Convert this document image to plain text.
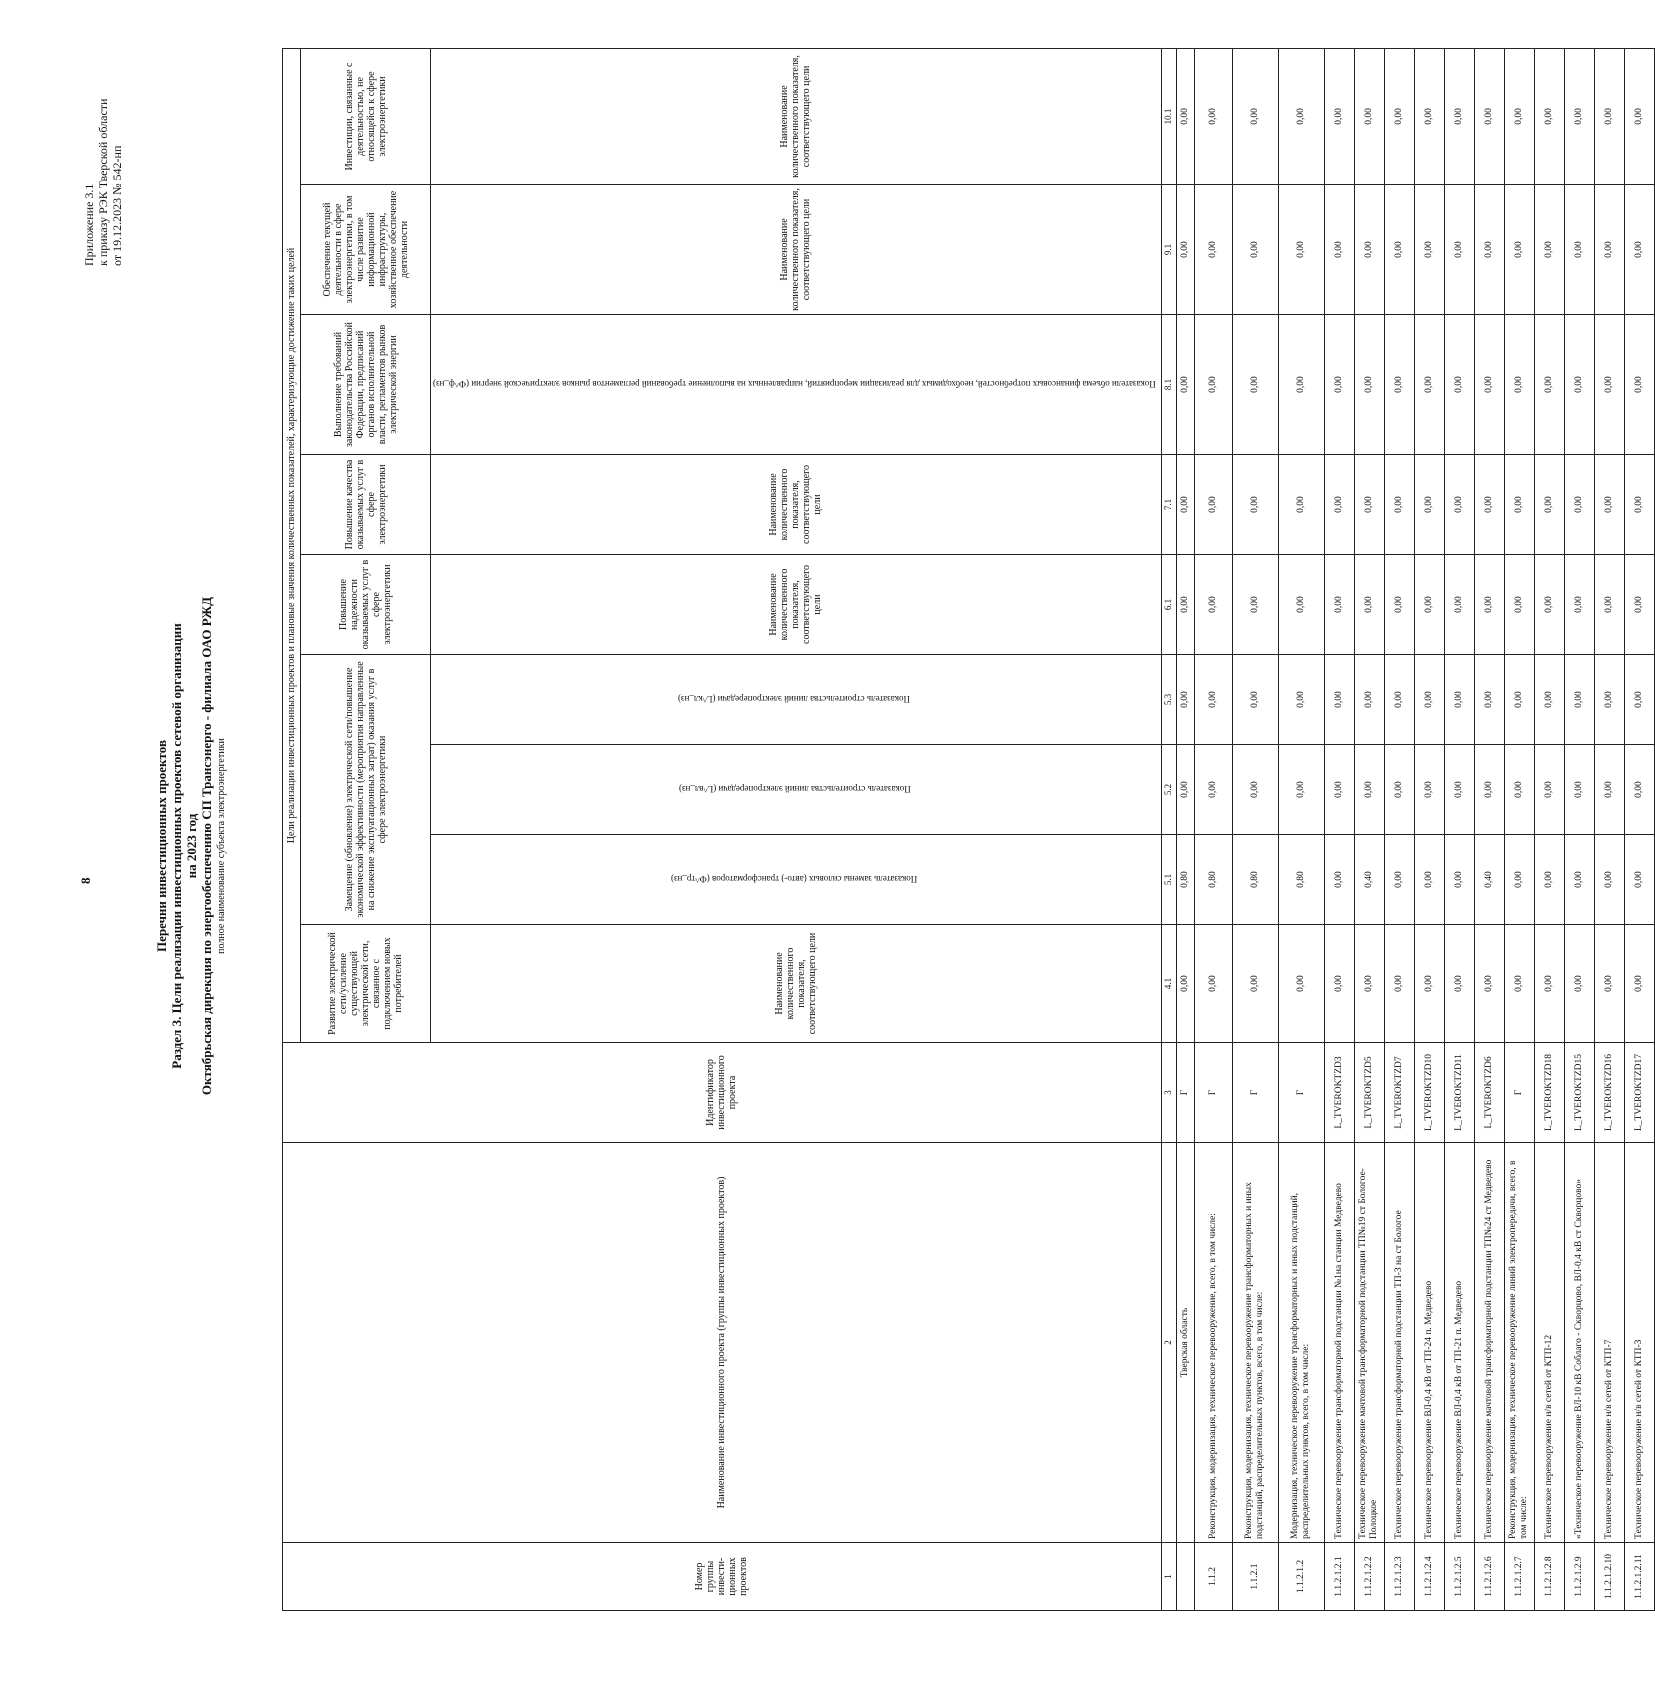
8
Приложение 3.1 к приказу РЭК Тверской области от 19.12.2023 № 542-нп
Перечни инвестиционных проектов Раздел 3. Цели реализации инвестиционных проектов сетевой организации на 2023 год Октябрьская дирекция по энергообеспечению СП Трансэнерго - филиала ОАО РЖД полное наименование субъекта электроэнергетики
Номер группы инвести-ционных проектов	Наименование инвестиционного проекта (группы инвестиционных проектов)	Идентификатор инвестиционного проекта	Цели реализации инвестиционных проектов и плановые значения количественных показателей, характеризующие достижение таких целей								
			Развитие электрической сети/усиление существующей электрической сети, связанное с подключением новых потребителей	Замещение (обновление) электрической сети/повышение экономической эффективности (мероприятия направленные на снижение эксплуатационных затрат) оказания услуг в сфере электроэнергетики			Повышение надежности оказываемых услуг в сфере электроэнергетики	Повышение качества оказываемых услуг в сфере электроэнергетики	Выполнение требований законодательства Российской Федерации, предписаний органов исполнительной власти, регламентов рынков электрической энергии	Обеспечение текущей деятельности в сфере электроэнергетики, в том числе развитие информационной инфраструктуры, хозяйственное обеспечение деятельности	Инвестиции, связанные с деятельностью, не относящейся к сфере электроэнергетики
			Наименование количественного показателя, соответствующего цели	Показатель замены силовых (авто-) трансформаторов (Ф^тр_нз)	Показатель строительства линий электропередачи (L^вл_нз)	Показатель строительства линий электропередачи (L^кл_нз)	Наименование количественного показателя, соответствующего цели	Наименование количественного показателя, соответствующего цели	Показатели объема финансовых потребностей, необходимых для реализации мероприятий, направленных на выполнение требований регламентов рынков электрической энергии (Ф^ф_нз)	Наименование количественного показателя, соответствующего цели	Наименование количественного показателя, соответствующего цели
1	2	3	4.1	5.1	5.2	5.3	6.1	7.1	8.1	9.1	10.1
	Тверская область	Г	0,00	0,80	0,00	0,00	0,00	0,00	0,00	0,00	0,00
1.1.2	Реконструкция, модернизация, техническое перевооружение, всего, в том числе:	Г	0,00	0,80	0,00	0,00	0,00	0,00	0,00	0,00	0,00
1.1.2.1	Реконструкция, модернизация, техническое перевооружение трансформаторных и иных подстанций, распределительных пунктов, всего, в том числе:	Г	0,00	0,80	0,00	0,00	0,00	0,00	0,00	0,00	0,00
1.1.2.1.2	Модернизация, техническое перевооружение трансформаторных и иных подстанций, распределительных пунктов, всего, в том числе:	Г	0,00	0,80	0,00	0,00	0,00	0,00	0,00	0,00	0,00
1.1.2.1.2.1	Техническое перевооружение трансформаторной подстанции №1на станции Медведево	L_TVEROKTZD3	0,00	0,00	0,00	0,00	0,00	0,00	0,00	0,00	0,00
1.1.2.1.2.2	Техническое перевооружение мачтовой трансформаторной подстанции ТП№19 ст Бологое-Полоцкое	L_TVEROKTZD5	0,00	0,40	0,00	0,00	0,00	0,00	0,00	0,00	0,00
1.1.2.1.2.3	Техническое перевооружение трансформаторной подстанции ТП-3 на ст Бологое	L_TVEROKTZD7	0,00	0,00	0,00	0,00	0,00	0,00	0,00	0,00	0,00
1.1.2.1.2.4	Техническое перевооружение ВЛ-0,4 кВ от ТП-24 п. Медведево	L_TVEROKTZD10	0,00	0,00	0,00	0,00	0,00	0,00	0,00	0,00	0,00
1.1.2.1.2.5	Техническое перевооружение ВЛ-0,4 кВ от ТП-21 п. Медведево	L_TVEROKTZD11	0,00	0,00	0,00	0,00	0,00	0,00	0,00	0,00	0,00
1.1.2.1.2.6	Техническое перевооружение мачтовой трансформаторной подстанции ТП№24 ст Медведево	L_TVEROKTZD6	0,00	0,40	0,00	0,00	0,00	0,00	0,00	0,00	0,00
1.1.2.1.2.7	Реконструкция, модернизация, техническое перевооружение линий электропередачи, всего, в том числе:	Г	0,00	0,00	0,00	0,00	0,00	0,00	0,00	0,00	0,00
1.1.2.1.2.8	Техническое перевооружение н/в сетей от КТП-12	L_TVEROKTZD18	0,00	0,00	0,00	0,00	0,00	0,00	0,00	0,00	0,00
1.1.2.1.2.9	«Техническое перевооружение ВЛ-10 кВ Соблаго - Скворцово, ВЛ-0,4 кВ ст Скворцово»	L_TVEROKTZD15	0,00	0,00	0,00	0,00	0,00	0,00	0,00	0,00	0,00
1.1.2.1.2.10	Техническое перевооружение н/в сетей от КТП-7	L_TVEROKTZD16	0,00	0,00	0,00	0,00	0,00	0,00	0,00	0,00	0,00
1.1.2.1.2.11	Техническое перевооружение н/в сетей от КТП-3	L_TVEROKTZD17	0,00	0,00	0,00	0,00	0,00	0,00	0,00	0,00	0,00
